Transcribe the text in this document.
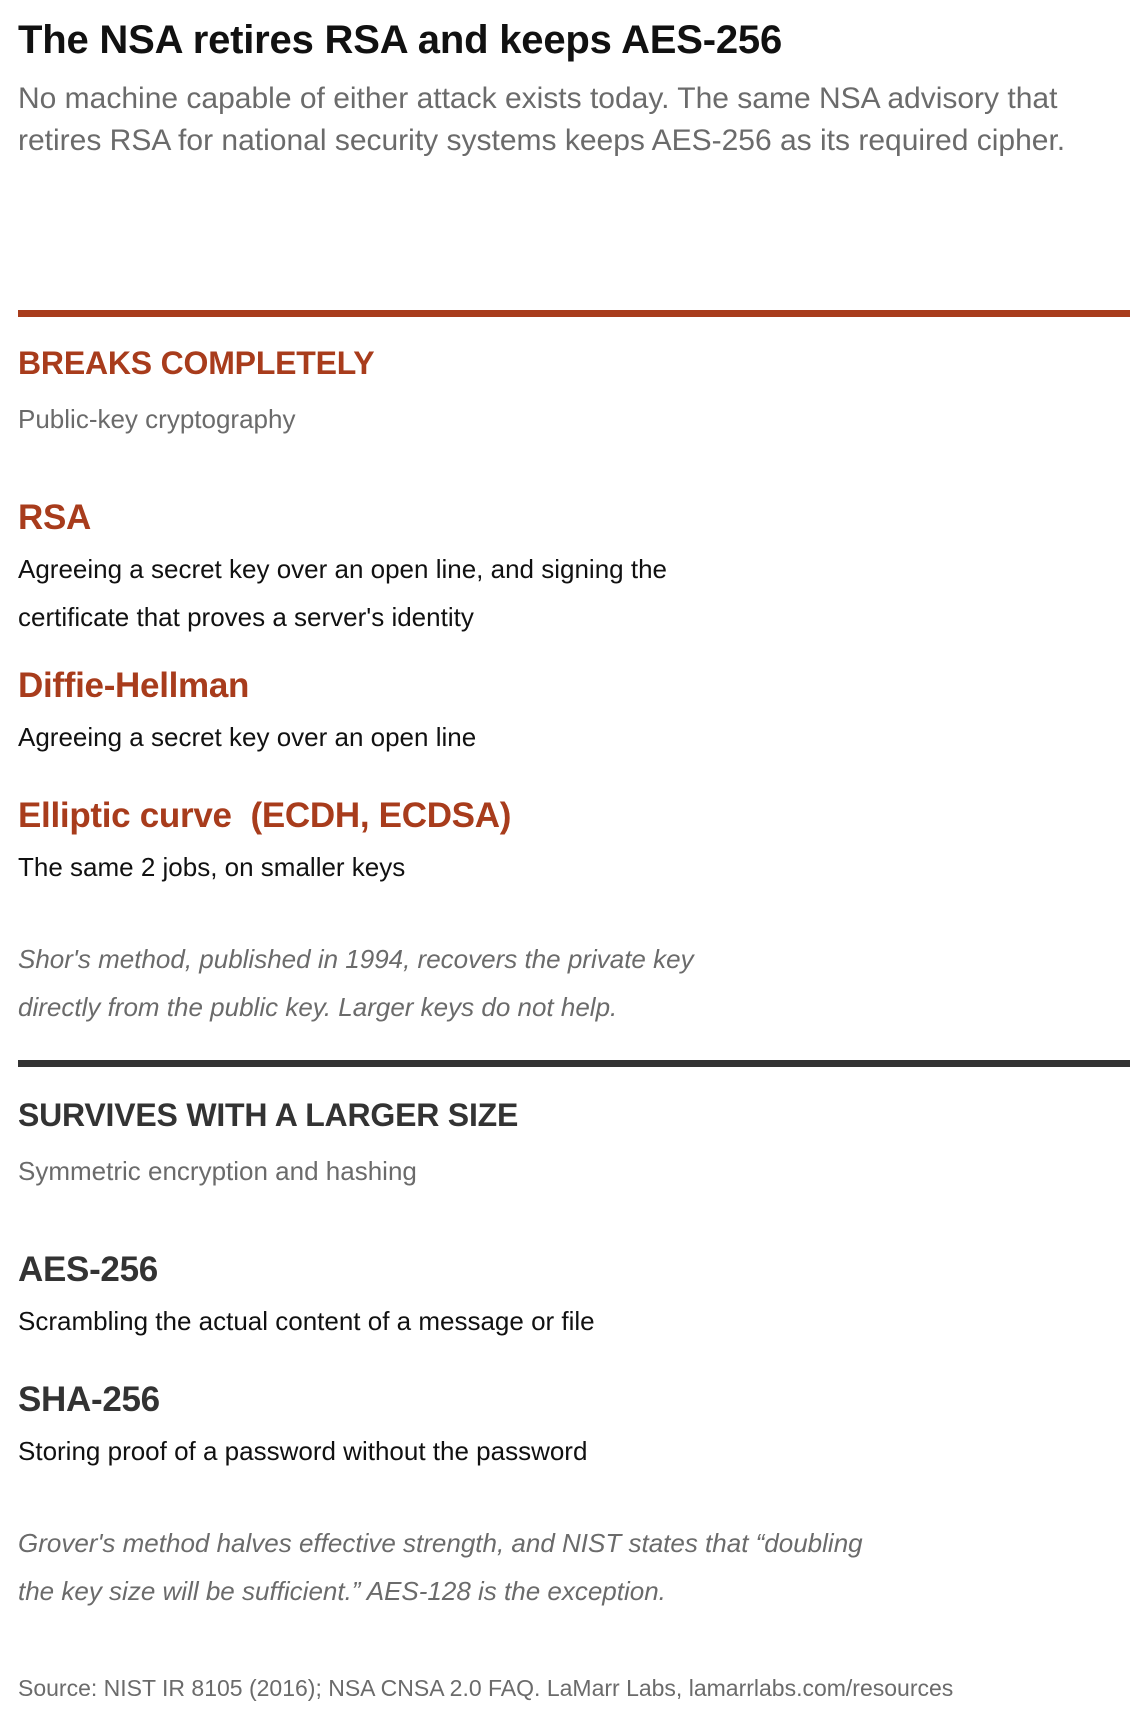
The NSA retires RSA and keeps AES-256
No machine capable of either attack exists today. The same NSA advisory that retires RSA for national security systems keeps AES-256 as its required cipher.
BREAKS COMPLETELY
Public-key cryptography
RSA
Agreeing a secret key over an open line, and signing the certificate that proves a server's identity
Diffie-Hellman
Agreeing a secret key over an open line
Elliptic curve  (ECDH, ECDSA)
The same 2 jobs, on smaller keys
Shor's method, published in 1994, recovers the private key directly from the public key. Larger keys do not help.
SURVIVES WITH A LARGER SIZE
Symmetric encryption and hashing
AES-256
Scrambling the actual content of a message or file
SHA-256
Storing proof of a password without the password
Grover's method halves effective strength, and NIST states that “doubling the key size will be sufficient.” AES-128 is the exception.
Source: NIST IR 8105 (2016); NSA CNSA 2.0 FAQ. LaMarr Labs, lamarrlabs.com/resources
